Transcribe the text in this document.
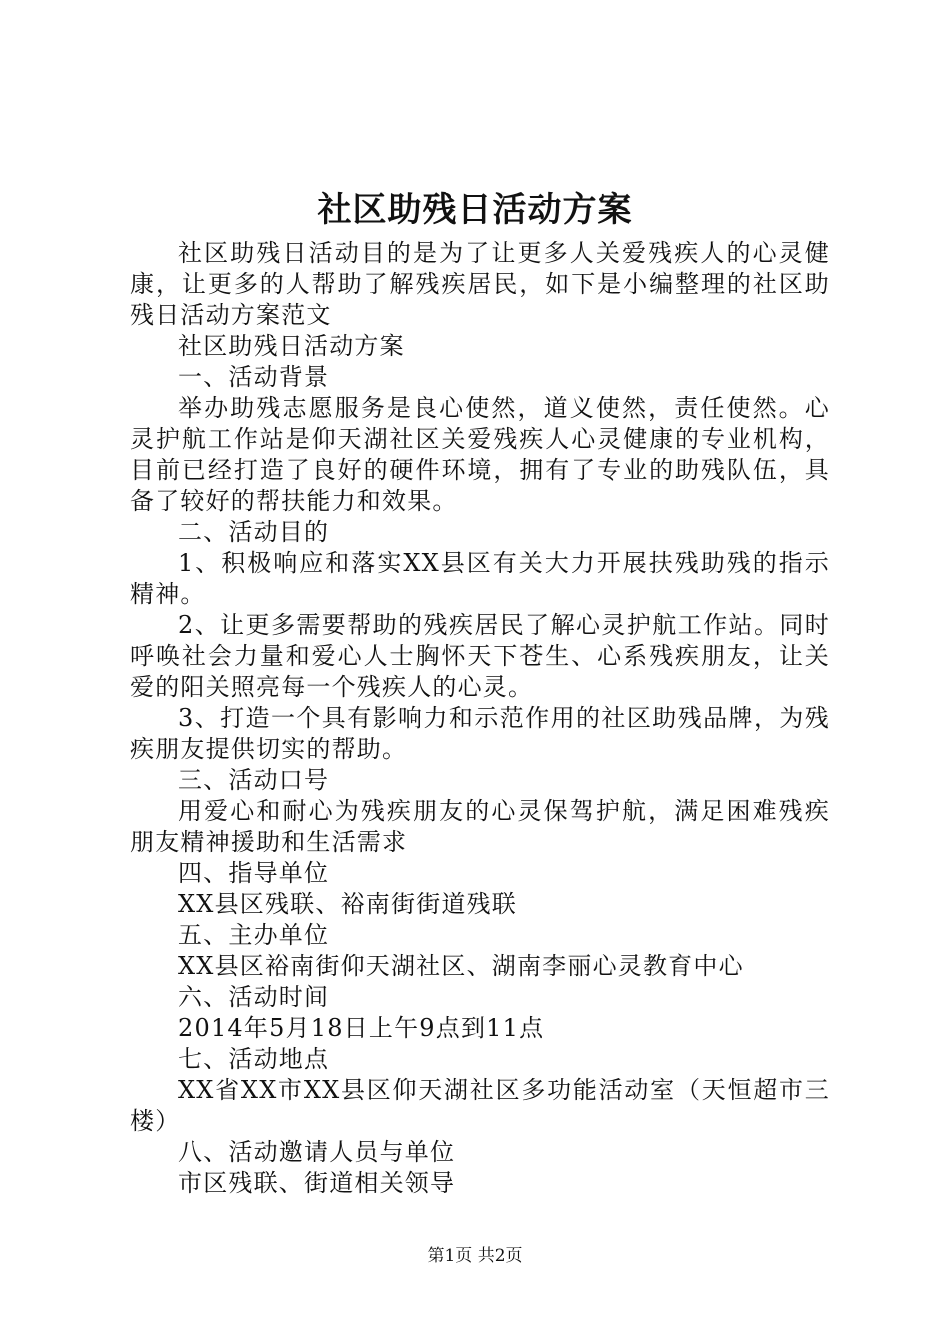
社区助残日活动方案

社区助残日活动目的是为了让更多人关爱残疾人的心灵健康，让更多的人帮助了解残疾居民，如下是小编整理的社区助残日活动方案范文

社区助残日活动方案

一、活动背景

举办助残志愿服务是良心使然，道义使然，责任使然。心灵护航工作站是仰天湖社区关爱残疾人心灵健康的专业机构，目前已经打造了良好的硬件环境，拥有了专业的助残队伍，具备了较好的帮扶能力和效果。

二、活动目的

1、积极响应和落实XX县区有关大力开展扶残助残的指示精神。

2、让更多需要帮助的残疾居民了解心灵护航工作站。同时呼唤社会力量和爱心人士胸怀天下苍生、心系残疾朋友，让关爱的阳关照亮每一个残疾人的心灵。

3、打造一个具有影响力和示范作用的社区助残品牌，为残疾朋友提供切实的帮助。

三、活动口号

用爱心和耐心为残疾朋友的心灵保驾护航，满足困难残疾朋友精神援助和生活需求

四、指导单位

XX县区残联、裕南街街道残联

五、主办单位

XX县区裕南街仰天湖社区、湖南李丽心灵教育中心

六、活动时间

2014年5月18日上午9点到11点

七、活动地点

XX省XX市XX县区仰天湖社区多功能活动室（天恒超市三楼）

八、活动邀请人员与单位

市区残联、街道相关领导

第1页 共2页
